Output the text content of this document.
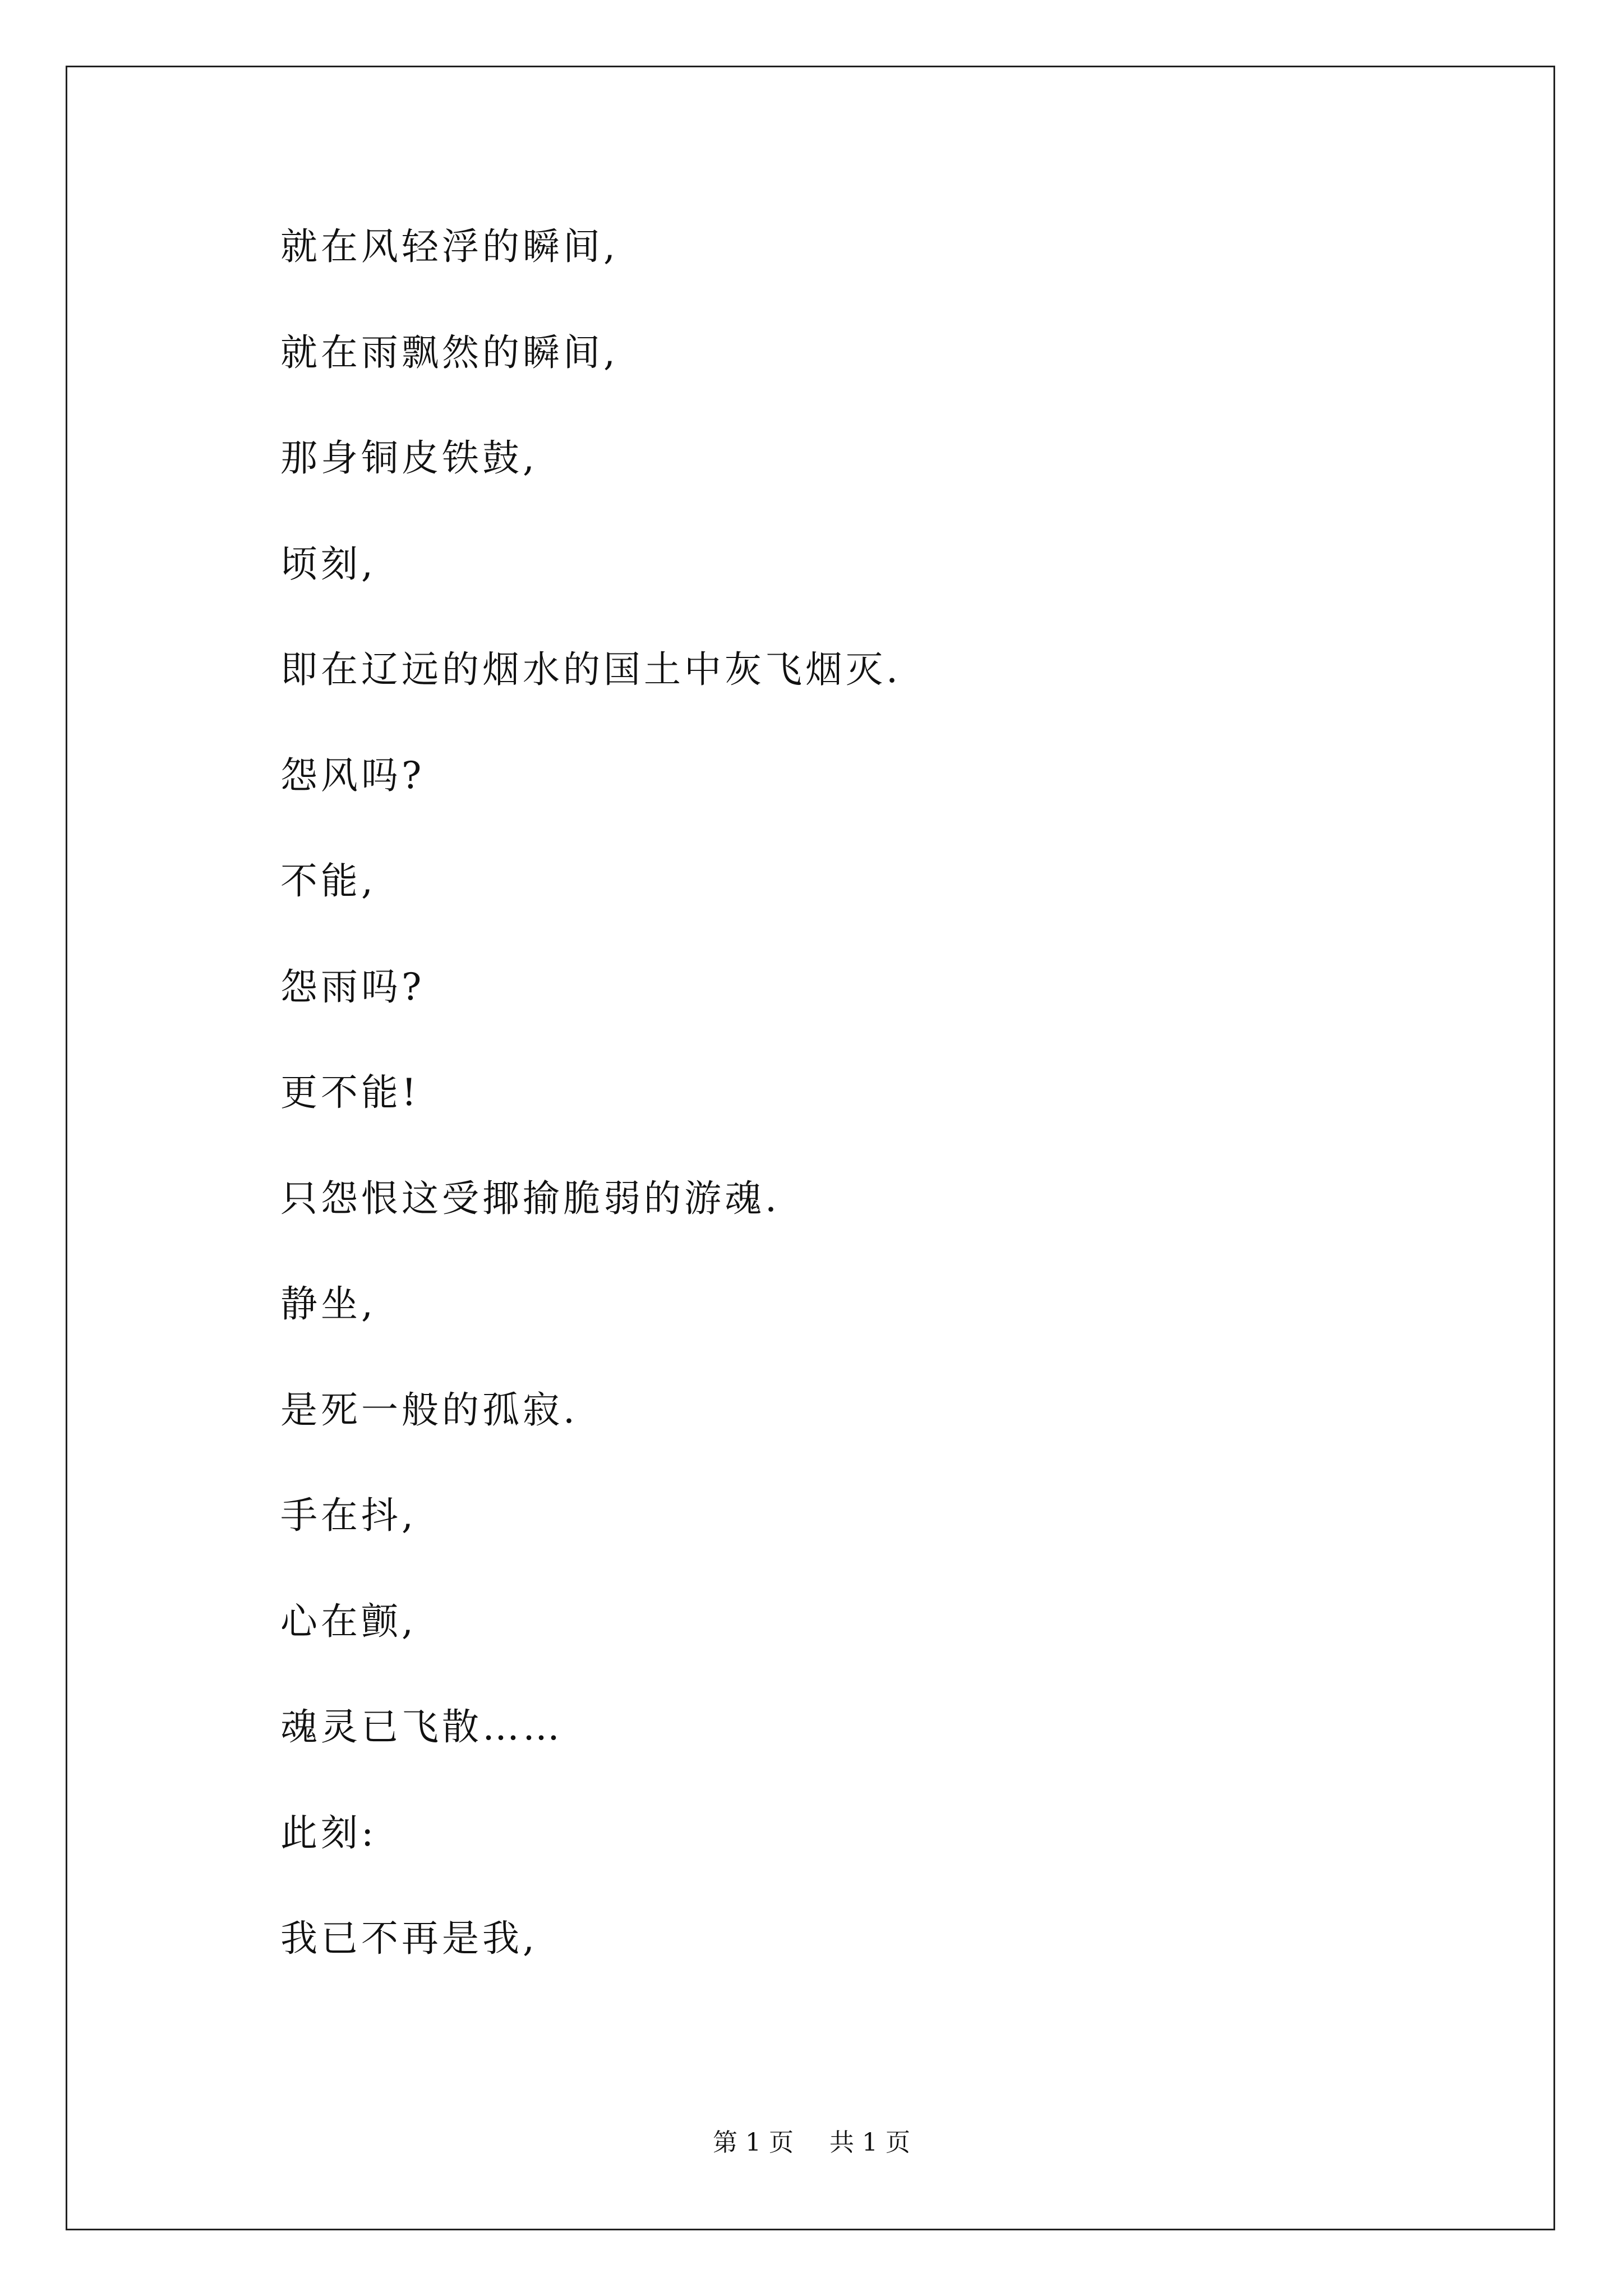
就在风轻浮的瞬间,
就在雨飘然的瞬间,
那身铜皮铁鼓,
顷刻,
即在辽远的烟水的国土中灰飞烟灭.
怨风吗?
不能,
怨雨吗?
更不能!
只怨恨这受揶揄脆弱的游魂.
静坐,
是死一般的孤寂.
手在抖,
心在颤,
魂灵已飞散……
此刻:
我已不再是我,
第 1 页 共 1 页
